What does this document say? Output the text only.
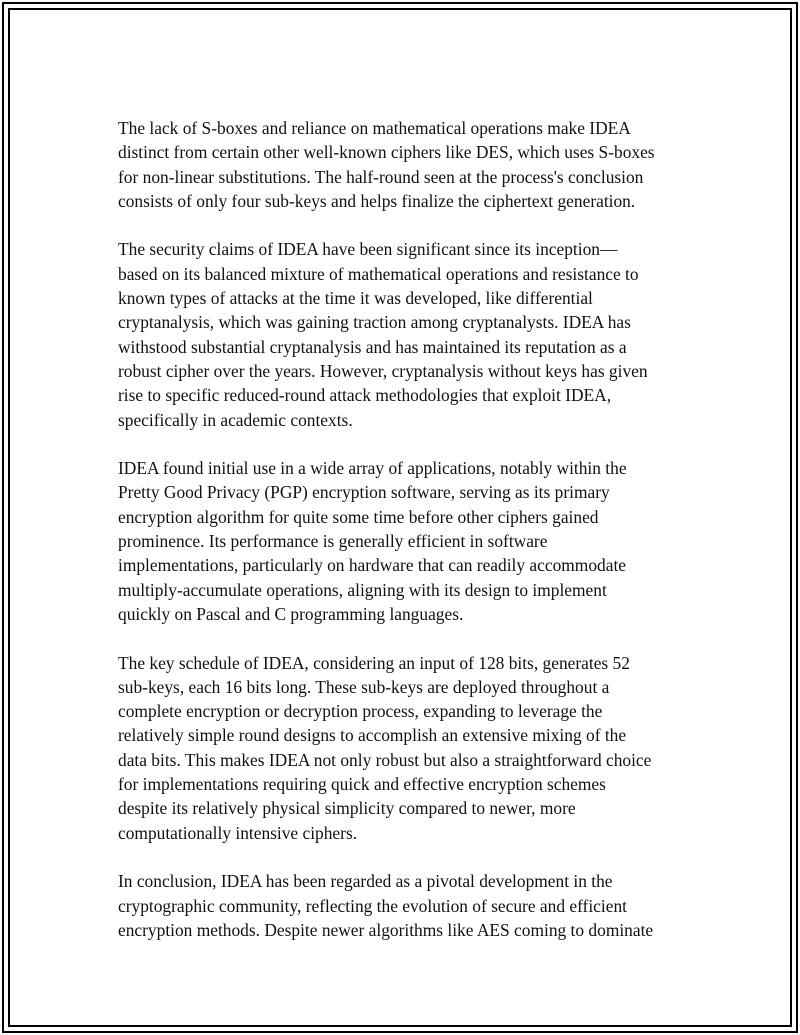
The lack of S-boxes and reliance on mathematical operations make IDEA
distinct from certain other well-known ciphers like DES, which uses S-boxes
for non-linear substitutions. The half-round seen at the process's conclusion
consists of only four sub-keys and helps finalize the ciphertext generation.

The security claims of IDEA have been significant since its inception—
based on its balanced mixture of mathematical operations and resistance to
known types of attacks at the time it was developed, like differential
cryptanalysis, which was gaining traction among cryptanalysts. IDEA has
withstood substantial cryptanalysis and has maintained its reputation as a
robust cipher over the years. However, cryptanalysis without keys has given
rise to specific reduced-round attack methodologies that exploit IDEA,
specifically in academic contexts.

IDEA found initial use in a wide array of applications, notably within the
Pretty Good Privacy (PGP) encryption software, serving as its primary
encryption algorithm for quite some time before other ciphers gained
prominence. Its performance is generally efficient in software
implementations, particularly on hardware that can readily accommodate
multiply-accumulate operations, aligning with its design to implement
quickly on Pascal and C programming languages.

The key schedule of IDEA, considering an input of 128 bits, generates 52
sub-keys, each 16 bits long. These sub-keys are deployed throughout a
complete encryption or decryption process, expanding to leverage the
relatively simple round designs to accomplish an extensive mixing of the
data bits. This makes IDEA not only robust but also a straightforward choice
for implementations requiring quick and effective encryption schemes
despite its relatively physical simplicity compared to newer, more
computationally intensive ciphers.

In conclusion, IDEA has been regarded as a pivotal development in the
cryptographic community, reflecting the evolution of secure and efficient
encryption methods. Despite newer algorithms like AES coming to dominate
